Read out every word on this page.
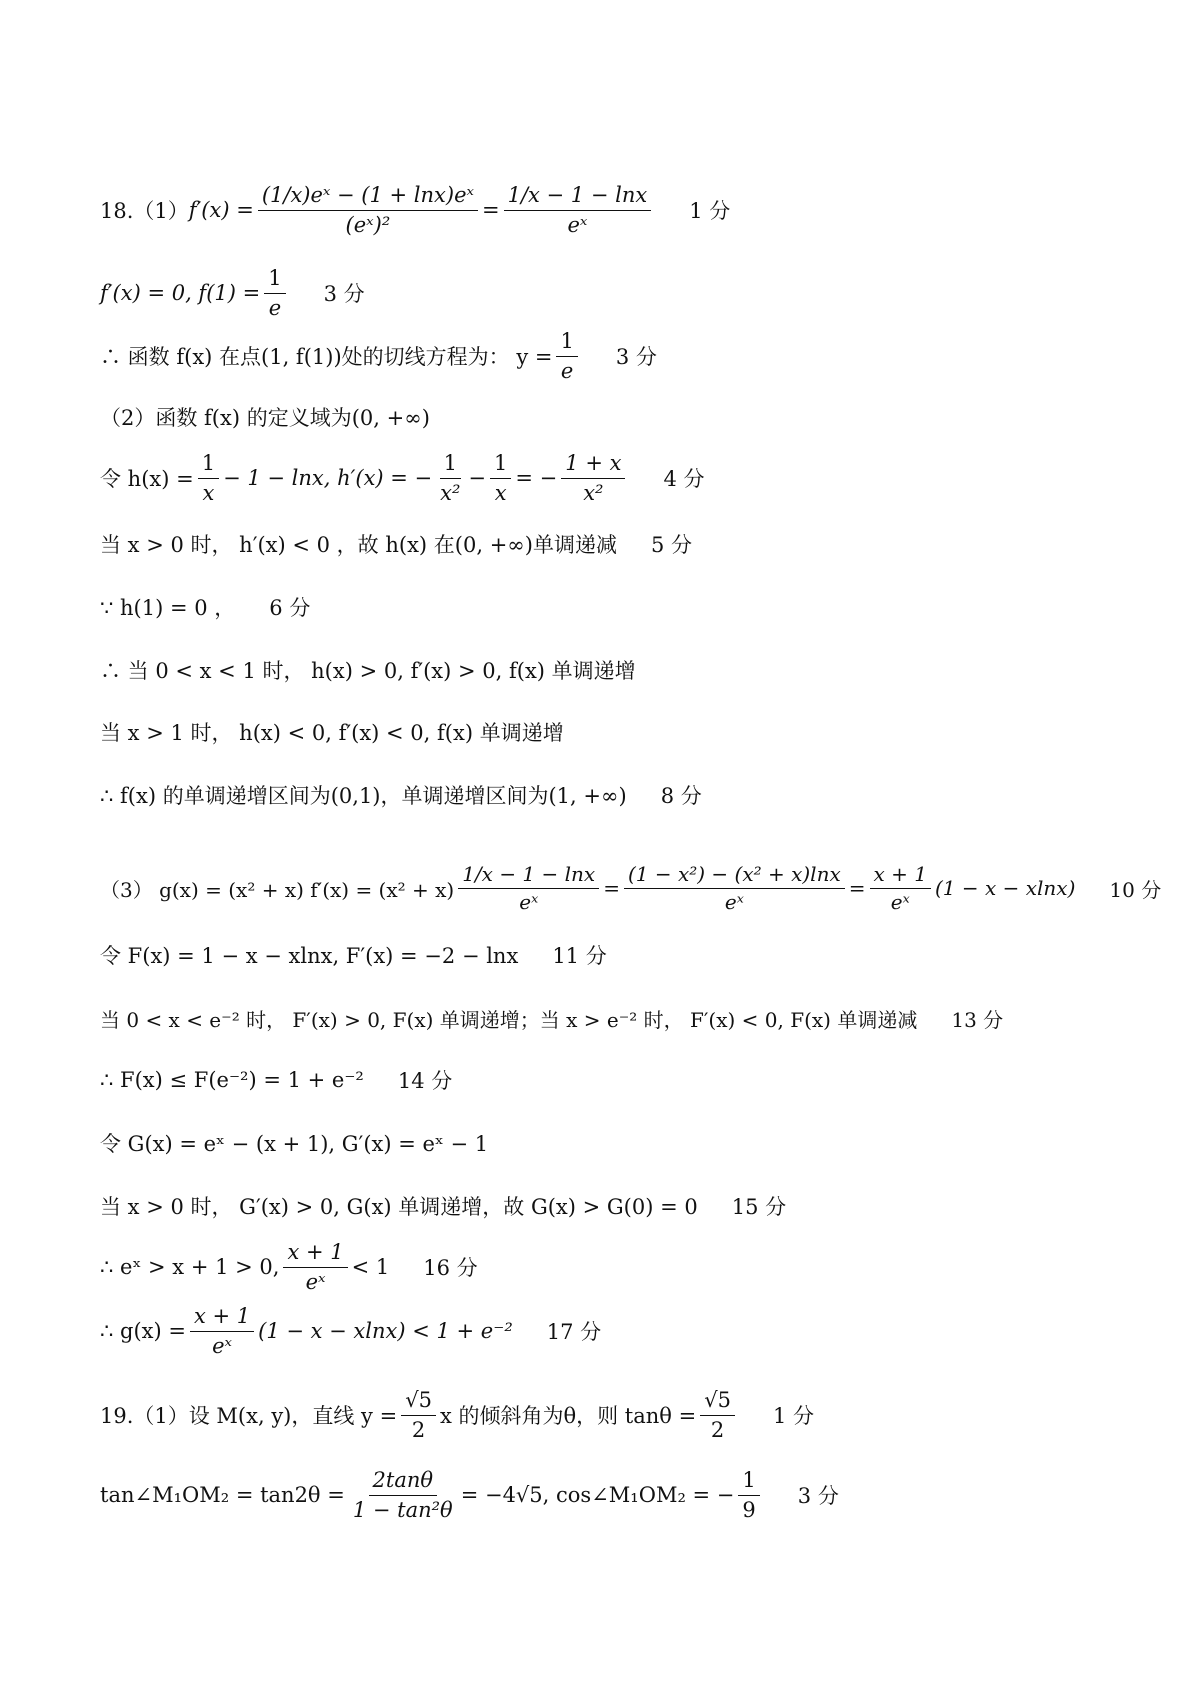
18.（1） $f'(x) = \frac{\text{(1/x)eˣ − (1 + lnx)eˣ}}{\text{(eˣ)²}} = \frac{1/x - 1 - \ln x}{\text{eˣ}} 1$ 分
f′(x) = 0, $f(1) = \frac{1}{e} 3$ 分
∴ 函数 f(x) 在点(1, f(1))处的切线方程为： $y = \frac{1}{e} 3$ 分
（2）函数 f(x) 的定义域为(0, +∞)
令 $h(x) = \frac{1}{x} - 1 - \ln x$, h′(x) = − $\frac{1}{\text{x²}} - \frac{1}{x}$ = − $\frac{1 + x}{\text{x²}} 4$ 分
当 x > 0 时， h′(x) < 0 ，故 h(x) 在(0, +∞)单调递减 5 分
∵ h(1) = 0 ， 6 分
∴ 当 0 < x < 1 时， h(x) > 0, f′(x) > 0, f(x) 单调递增
当 x > 1 时， h(x) < 0, f′(x) < 0, f(x) 单调递增
∴ f(x) 的单调递增区间为(0,1)，单调递增区间为(1, +∞) 8 分
（3） g(x) = (x² + x) $f'(x) = (x^2 + x) \frac{1/x - 1 - \ln x}{\text{eˣ}} = \frac{\text{(1 − x²) − (x² + x)lnx}}{\text{eˣ}} = \frac{x + 1}{\text{eˣ}} (1 - x - xlnx)$ 10 分
令 F(x) = 1 − x − xlnx, F′(x) = −2 − lnx 11 分
当 0 < x < e⁻² 时， F′(x) > 0, F(x) 单调递增；当 x > e⁻² 时， F′(x) < 0, F(x) 单调递减 13 分
∴ F(x) ≤ F(e⁻²) = 1 + e⁻² 14 分
令 G(x) = eˣ − (x + 1), G′(x) = eˣ − 1
当 x > 0 时， G′(x) > 0, G(x) 单调递增，故 G(x) > G(0) = 0 15 分
∴ eˣ > x + 1 > 0, $\frac{x + 1}{\text{eˣ}} < 1$ 16 分
∴ $g(x) = \frac{x + 1}{\text{eˣ}} (1 - x - xlnx) < 1 + e^{-2}$ 17 分
19.（1）设 M(x, y)，直线 $y = \frac{√5}{2}$ x 的倾斜角为θ，则 $\tan\theta = \frac{√5}{2} 1$ 分
tan∠M₁OM₂ = $\tan 2\theta = \frac{2\tan\theta}{\text{1 − tan²θ}} = -4√5$, cos∠M₁OM₂ = − $\frac{1}{9} 3$ 分
